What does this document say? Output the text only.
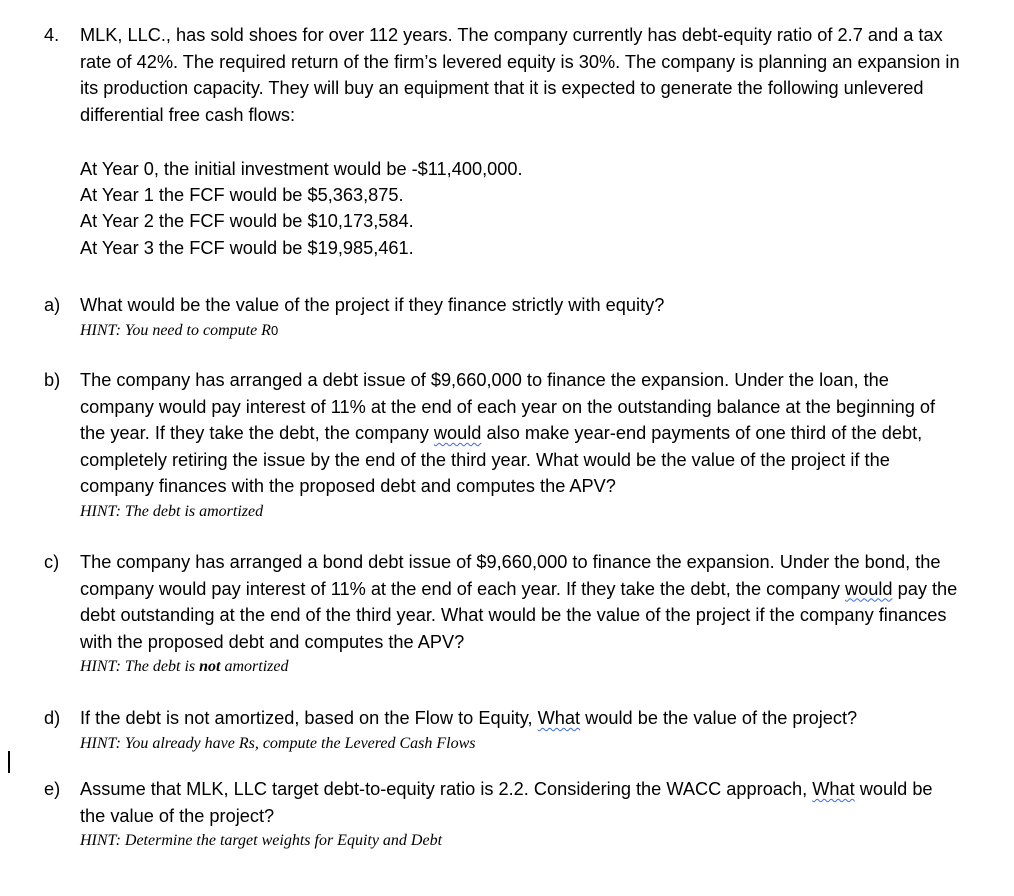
4. MLK, LLC., has sold shoes for over 112 years. The company currently has debt-equity ratio of 2.7 and a tax rate of 42%. The required return of the firm’s levered equity is 30%. The company is planning an expansion in its production capacity. They will buy an equipment that it is expected to generate the following unlevered differential free cash flows:
At Year 0, the initial investment would be -$11,400,000.
At Year 1 the FCF would be $5,363,875.
At Year 2 the FCF would be $10,173,584.
At Year 3 the FCF would be $19,985,461.
a) What would be the value of the project if they finance strictly with equity?
HINT: You need to compute R0
b) The company has arranged a debt issue of $9,660,000 to finance the expansion. Under the loan, the company would pay interest of 11% at the end of each year on the outstanding balance at the beginning of the year. If they take the debt, the company would also make year-end payments of one third of the debt, completely retiring the issue by the end of the third year. What would be the value of the project if the company finances with the proposed debt and computes the APV?
HINT: The debt is amortized
c) The company has arranged a bond debt issue of $9,660,000 to finance the expansion. Under the bond, the company would pay interest of 11% at the end of each year. If they take the debt, the company would pay the debt outstanding at the end of the third year. What would be the value of the project if the company finances with the proposed debt and computes the APV?
HINT: The debt is not amortized
d) If the debt is not amortized, based on the Flow to Equity, What would be the value of the project?
HINT: You already have Rs, compute the Levered Cash Flows
e) Assume that MLK, LLC target debt-to-equity ratio is 2.2. Considering the WACC approach, What would be the value of the project?
HINT: Determine the target weights for Equity and Debt
